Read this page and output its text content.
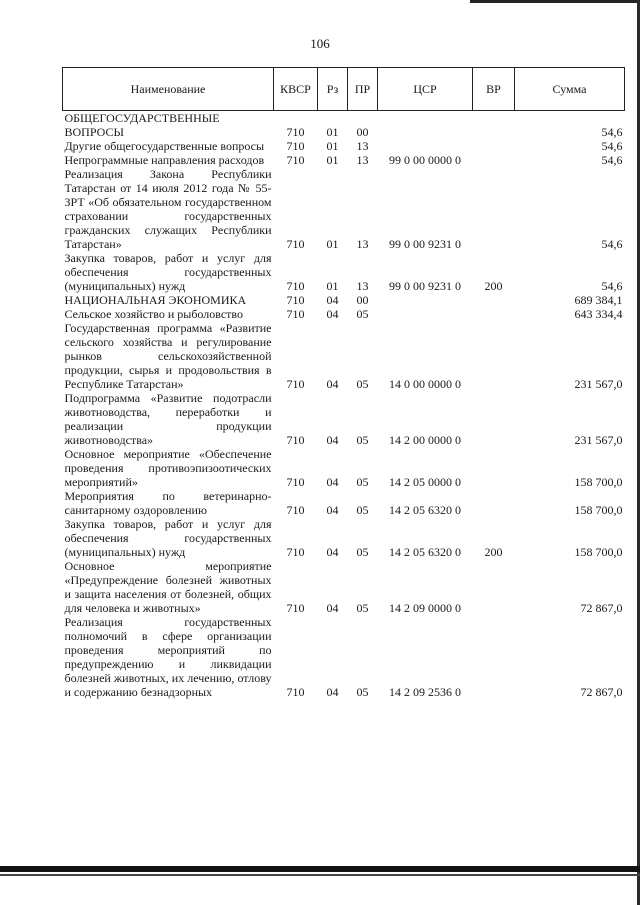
106
Наименование	КВСР	Рз	ПР	ЦСР	ВР	Сумма
ОБЩЕГОСУДАРСТВЕННЫЕ ВОПРОСЫ	710	01	00			54,6
Другие общегосударственные вопросы	710	01	13			54,6
Непрограммные направления расходов	710	01	13	99 0 00 0000 0		54,6
Реализация Закона Республики Татарстан от 14 июля 2012 года № 55-ЗРТ «Об обязательном государственном страховании государственных гражданских служащих Республики Татарстан»	710	01	13	99 0 00 9231 0		54,6
Закупка товаров, работ и услуг для обеспечения государственных (муниципальных) нужд	710	01	13	99 0 00 9231 0	200	54,6
НАЦИОНАЛЬНАЯ ЭКОНОМИКА	710	04	00			689 384,1
Сельское хозяйство и рыболовство	710	04	05			643 334,4
Государственная программа «Развитие сельского хозяйства и регулирование рынков сельскохозяйственной продукции, сырья и продовольствия в Республике Татарстан»	710	04	05	14 0 00 0000 0		231 567,0
Подпрограмма «Развитие подотрасли животноводства, переработки и реализации продукции животноводства»	710	04	05	14 2 00 0000 0		231 567,0
Основное мероприятие «Обеспечение проведения противоэпизоотических мероприятий»	710	04	05	14 2 05 0000 0		158 700,0
Мероприятия по ветеринарно-санитарному оздоровлению	710	04	05	14 2 05 6320 0		158 700,0
Закупка товаров, работ и услуг для обеспечения государственных (муниципальных) нужд	710	04	05	14 2 05 6320 0	200	158 700,0
Основное мероприятие «Предупреждение болезней животных и защита населения от болезней, общих для человека и животных»	710	04	05	14 2 09 0000 0		72 867,0
Реализация государственных полномочий в сфере организации проведения мероприятий по предупреждению и ликвидации болезней животных, их лечению, отлову и содержанию безнадзорных	710	04	05	14 2 09 2536 0		72 867,0
